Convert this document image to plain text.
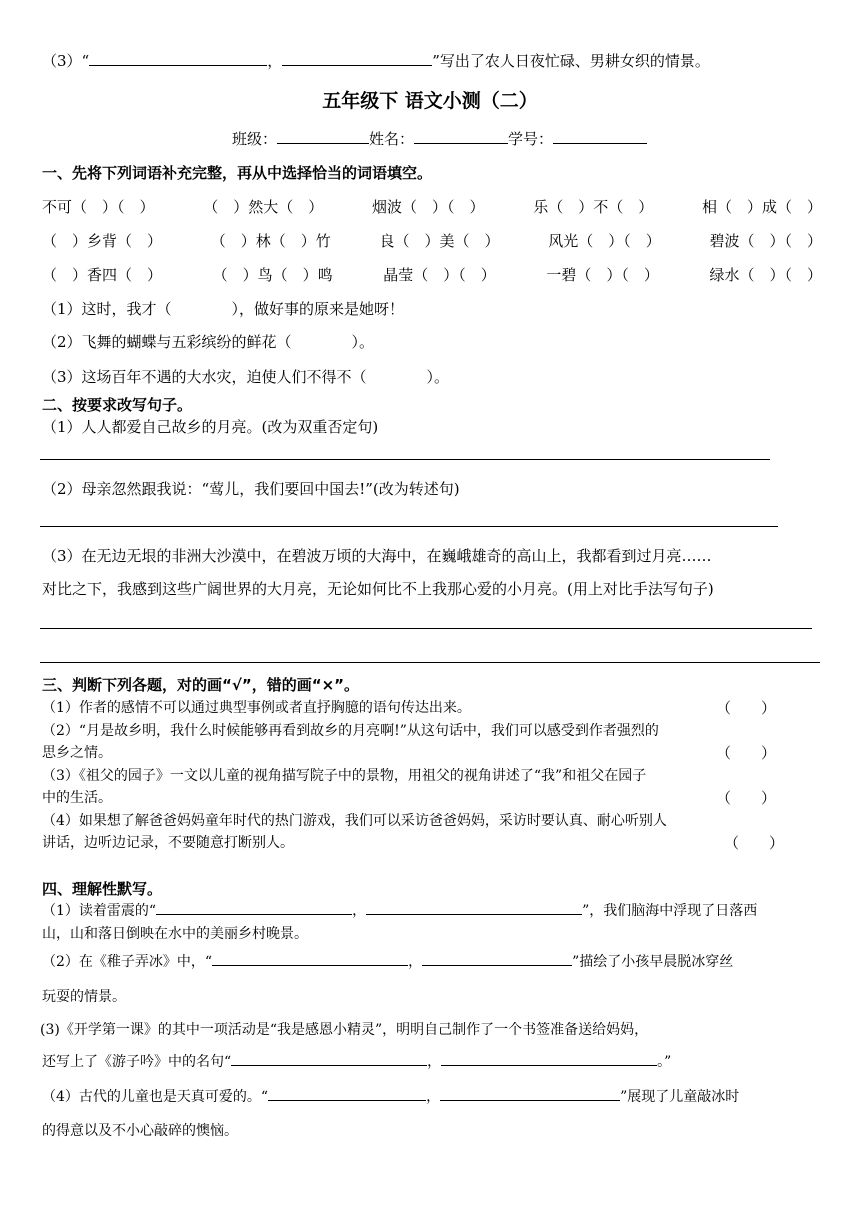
（3）“	，	”写出了农人日夜忙碌、男耕女织的情景。
五年级下 语文小测（二）
班级：	姓名：	学号：
一、先将下列词语补充完整，再从中选择恰当的词语填空。
不可（　）（　）	（　）然大（　）	烟波（　）（　）	乐（　）不（　）	相（　）成（　）
（　）乡背（　）	（　）林（　）竹	良（　）美（　）	风光（　）（　）	碧波（　）（　）
（　）香四（　）	（　）鸟（　）鸣	晶莹（　）（　）	一碧（　）（　）	绿水（　）（　）
（1）这时，我才（　　　　），做好事的原来是她呀！
（2）飞舞的蝴蝶与五彩缤纷的鲜花（　　　　）。
（3）这场百年不遇的大水灾，迫使人们不得不（　　　　）。
二、按要求改写句子。
（1）人人都爱自己故乡的月亮。(改为双重否定句)
（2）母亲忽然跟我说：“莺儿，我们要回中国去!”(改为转述句)
（3）在无边无垠的非洲大沙漠中，在碧波万顷的大海中，在巍峨雄奇的高山上，我都看到过月亮……
对比之下，我感到这些广阔世界的大月亮，无论如何比不上我那心爱的小月亮。(用上对比手法写句子)
三、判断下列各题，对的画“√”，错的画“×”。
（1）作者的感情不可以通过典型事例或者直抒胸臆的语句传达出来。	（　　）
（2）“月是故乡明，我什么时候能够再看到故乡的月亮啊!”从这句话中，我们可以感受到作者强烈的
思乡之情。	（　　）
（3）《祖父的园子》一文以儿童的视角描写院子中的景物，用祖父的视角讲述了“我”和祖父在园子
中的生活。	（　　）
（4）如果想了解爸爸妈妈童年时代的热门游戏，我们可以采访爸爸妈妈，采访时要认真、耐心听别人
讲话，边听边记录，不要随意打断别人。	（　　）
四、理解性默写。
（1）读着雷震的“	，	”，我们脑海中浮现了日落西
山，山和落日倒映在水中的美丽乡村晚景。
（2）在《稚子弄冰》中，“	，	”描绘了小孩早晨脱冰穿丝
玩耍的情景。
(3)《开学第一课》的其中一项活动是“我是感恩小精灵”，明明自己制作了一个书签准备送给妈妈，
还写上了《游子吟》中的名句“	，	。”
（4）古代的儿童也是天真可爱的。“	，	”展现了儿童敲冰时
的得意以及不小心敲碎的懊恼。
